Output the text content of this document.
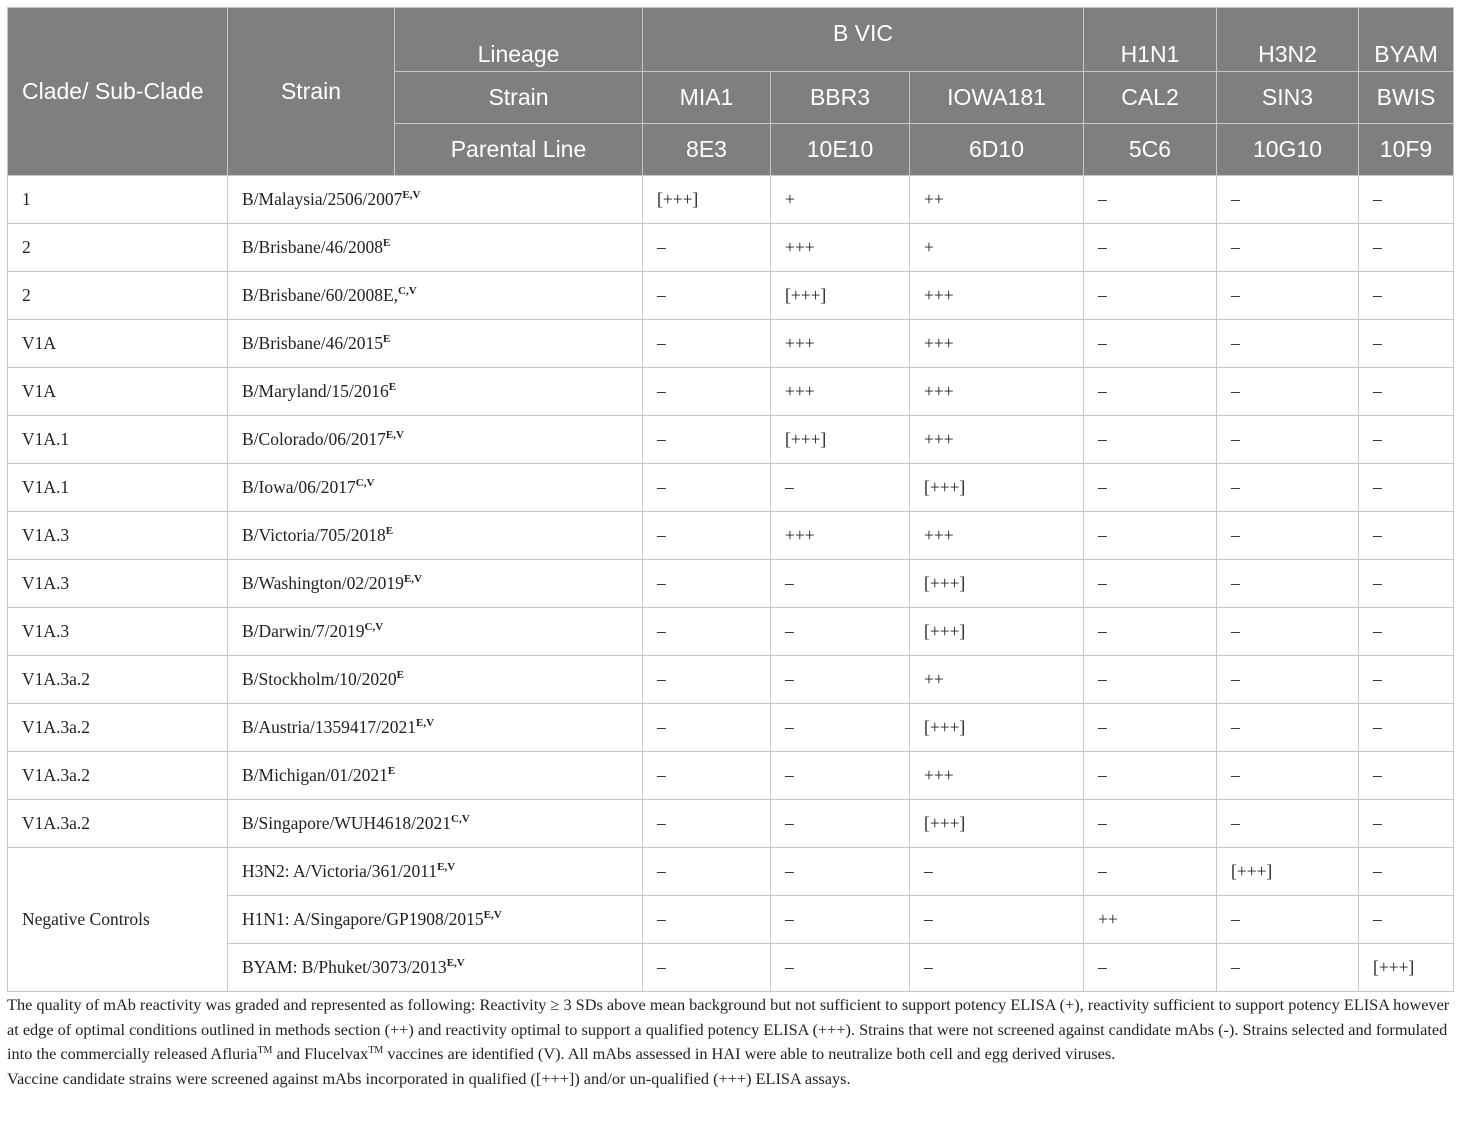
Clade/ Sub-Clade	Strain	Lineage	B VIC			H1N1	H3N2	BYAM
		Strain	MIA1	BBR3	IOWA181	CAL2	SIN3	BWIS
		Parental Line	8E3	10E10	6D10	5C6	10G10	10F9
1	$B/Malaysia/2506/2007^{E,V}$		[+++]	+	++	–	–	–
2	$B/Brisbane/46/2008^E$		–	+++	+	–	–	–
2	B/Brisbane/60/2008E,$^{C,V}$		–	[+++]	+++	–	–	–
V1A	$B/Brisbane/46/2015^E$		–	+++	+++	–	–	–
V1A	$B/Maryland/15/2016^E$		–	+++	+++	–	–	–
V1A.1	$B/Colorado/06/2017^{E,V}$		–	[+++]	+++	–	–	–
V1A.1	$B/Iowa/06/2017^{C,V}$		–	–	[+++]	–	–	–
V1A.3	$B/Victoria/705/2018^E$		–	+++	+++	–	–	–
V1A.3	$B/Washington/02/2019^{E,V}$		–	–	[+++]	–	–	–
V1A.3	$B/Darwin/7/2019^{C,V}$		–	–	[+++]	–	–	–
V1A.3a.2	$B/Stockholm/10/2020^E$		–	–	++	–	–	–
V1A.3a.2	$B/Austria/1359417/2021^{E,V}$		–	–	[+++]	–	–	–
V1A.3a.2	$B/Michigan/01/2021^E$		–	–	+++	–	–	–
V1A.3a.2	$B/Singapore/WUH4618/2021^{C,V}$		–	–	[+++]	–	–	–
Negative Controls	H3N2: $A/Victoria/361/2011^{E,V}$		–	–	–	–	[+++]	–
	H1N1: $A/Singapore/GP1908/2015^{E,V}$		–	–	–	++	–	–
	BYAM: $B/Phuket/3073/2013^{E,V}$		–	–	–	–	–	[+++]

The quality of mAb reactivity was graded and represented as following: Reactivity ≥ 3 SDs above mean background but not sufficient to support potency ELISA (+), reactivity sufficient to support potency ELISA however at edge of optimal conditions outlined in methods section (++) and reactivity optimal to support a qualified potency ELISA (+++). Strains that were not screened against candidate mAbs (-). Strains selected and formulated into the commercially released Afluria™ and Flucelvax™ vaccines are identified (V). All mAbs assessed in HAI were able to neutralize both cell and egg derived viruses.

Vaccine candidate strains were screened against mAbs incorporated in qualified ([+++]) and/or un-qualified (+++) ELISA assays.
